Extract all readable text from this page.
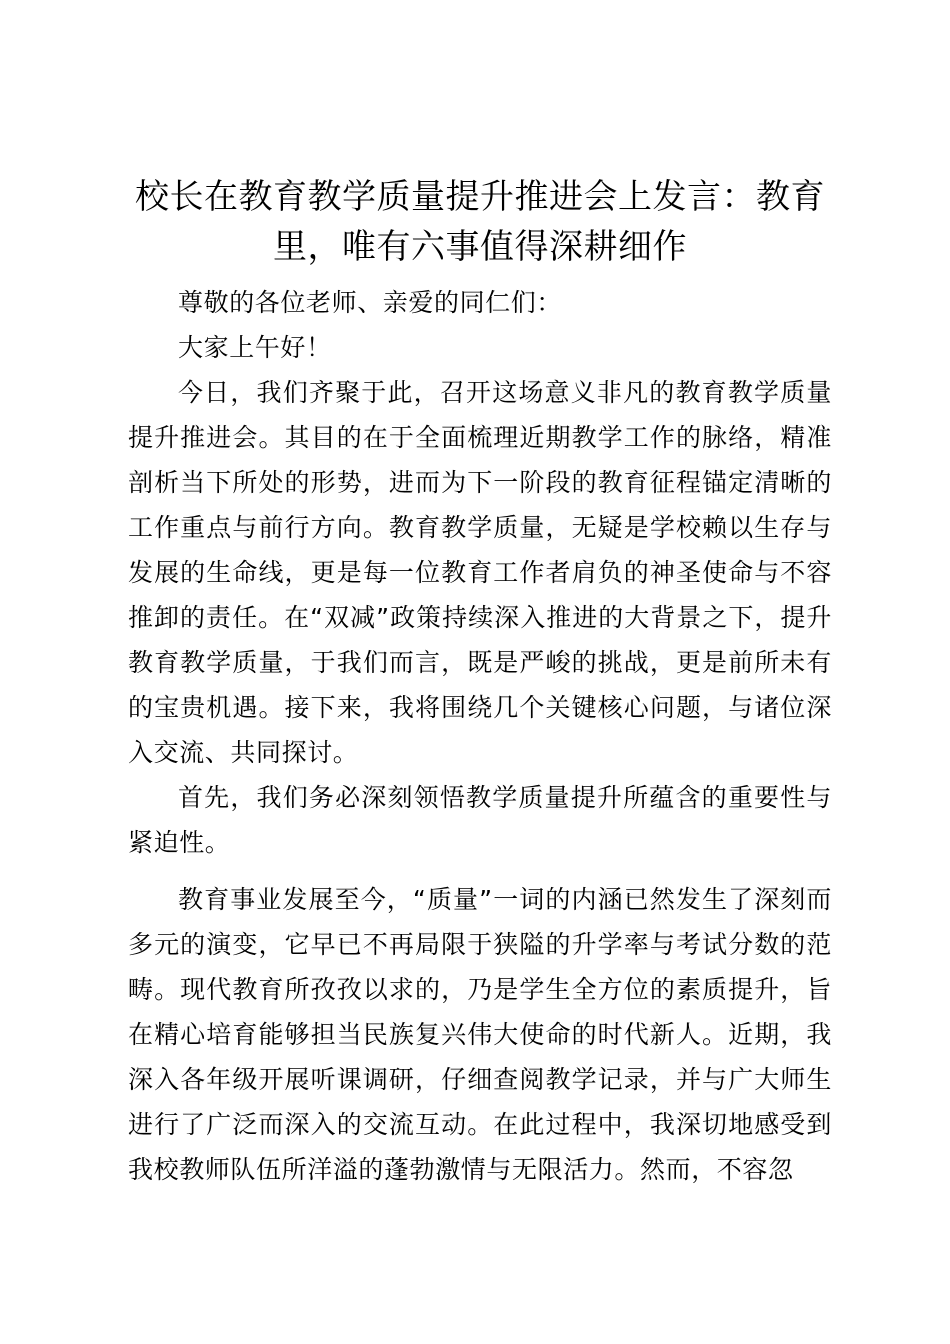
校长在教育教学质量提升推进会上发言：教育里，唯有六事值得深耕细作

尊敬的各位老师、亲爱的同仁们：

大家上午好！

今日，我们齐聚于此，召开这场意义非凡的教育教学质量提升推进会。其目的在于全面梳理近期教学工作的脉络，精准剖析当下所处的形势，进而为下一阶段的教育征程锚定清晰的工作重点与前行方向。教育教学质量，无疑是学校赖以生存与发展的生命线，更是每一位教育工作者肩负的神圣使命与不容推卸的责任。在“双减”政策持续深入推进的大背景之下，提升教育教学质量，于我们而言，既是严峻的挑战，更是前所未有的宝贵机遇。接下来，我将围绕几个关键核心问题，与诸位深入交流、共同探讨。

首先，我们务必深刻领悟教学质量提升所蕴含的重要性与紧迫性。

教育事业发展至今，“质量”一词的内涵已然发生了深刻而多元的演变，它早已不再局限于狭隘的升学率与考试分数的范畴。现代教育所孜孜以求的，乃是学生全方位的素质提升，旨在精心培育能够担当民族复兴伟大使命的时代新人。近期，我深入各年级开展听课调研，仔细查阅教学记录，并与广大师生进行了广泛而深入的交流互动。在此过程中，我深切地感受到我校教师队伍所洋溢的蓬勃激情与无限活力。然而，不容忽
